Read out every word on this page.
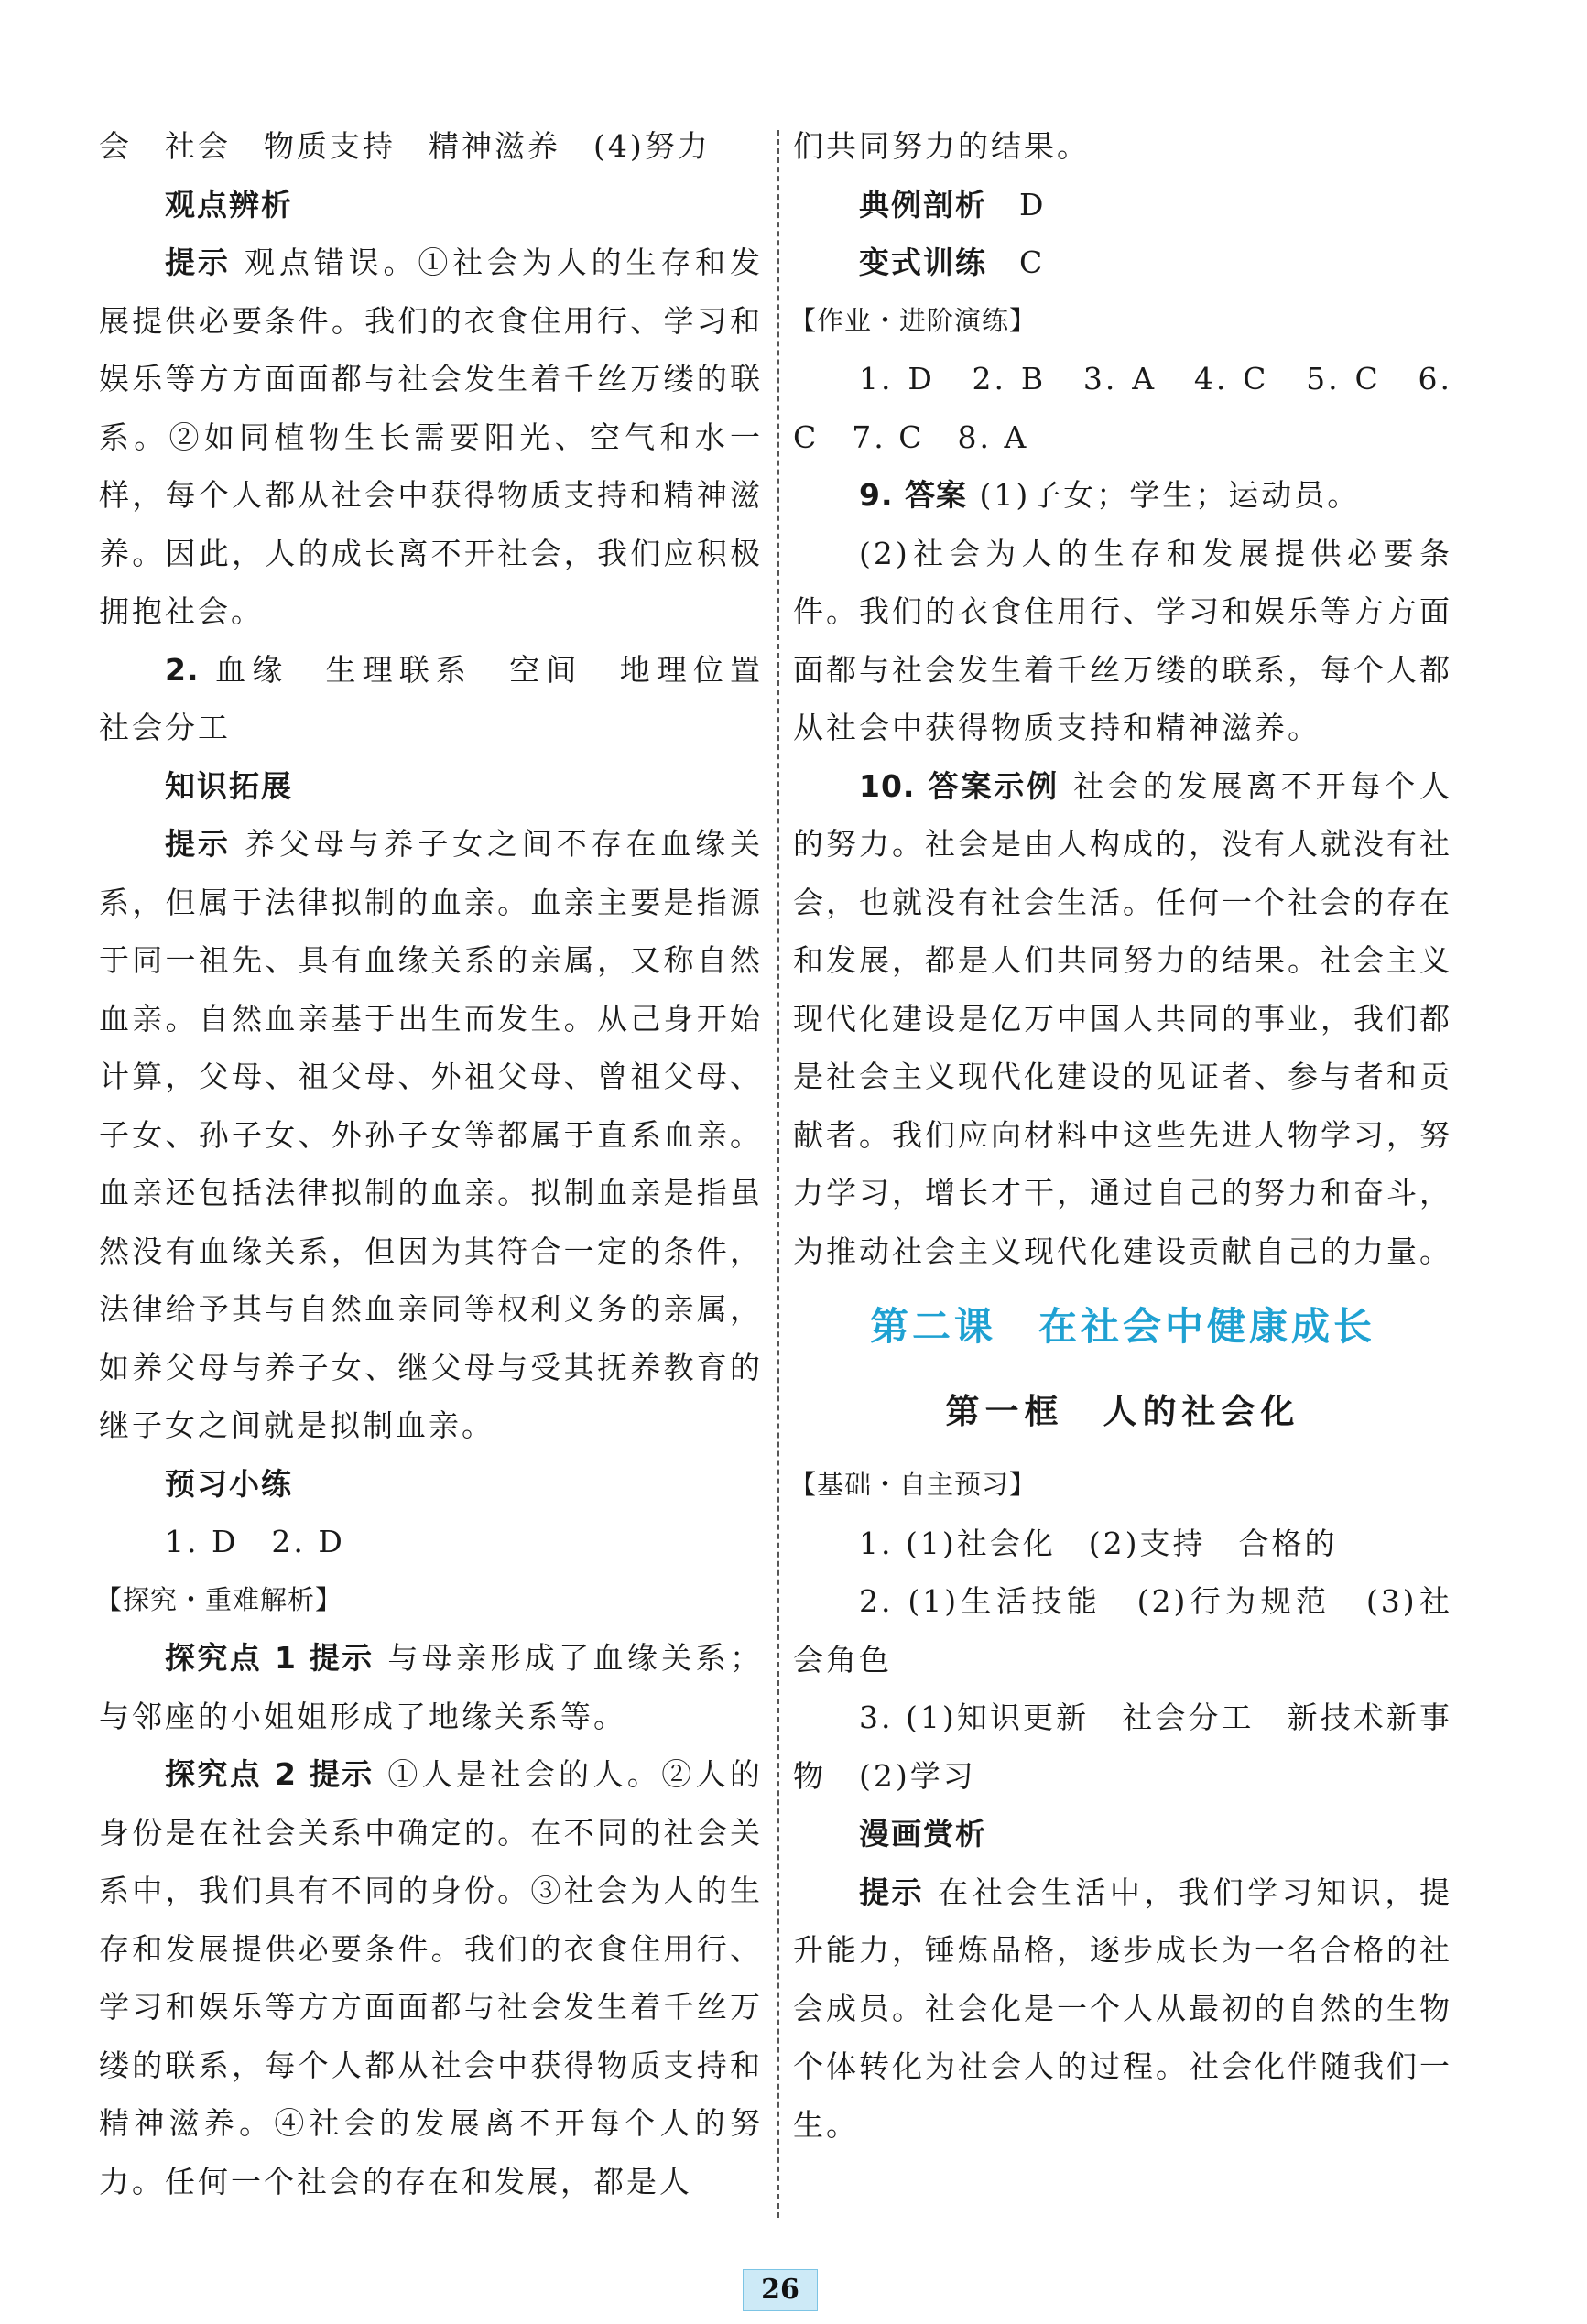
会　社会　物质支持　精神滋养　(4)努力

观点辨析

提示 观点错误。①社会为人的生存和发展提供必要条件。我们的衣食住用行、学习和娱乐等方方面面都与社会发生着千丝万缕的联系。②如同植物生长需要阳光、空气和水一样，每个人都从社会中获得物质支持和精神滋养。因此，人的成长离不开社会，我们应积极拥抱社会。

2. 血缘　生理联系　空间　地理位置　社会分工

知识拓展

提示 养父母与养子女之间不存在血缘关系，但属于法律拟制的血亲。血亲主要是指源于同一祖先、具有血缘关系的亲属，又称自然血亲。自然血亲基于出生而发生。从己身开始计算，父母、祖父母、外祖父母、曾祖父母、子女、孙子女、外孙子女等都属于直系血亲。血亲还包括法律拟制的血亲。拟制血亲是指虽然没有血缘关系，但因为其符合一定的条件，法律给予其与自然血亲同等权利义务的亲属，如养父母与养子女、继父母与受其抚养教育的继子女之间就是拟制血亲。

预习小练

1. D　2. D

【探究・重难解析】

探究点 1 提示 与母亲形成了血缘关系；与邻座的小姐姐形成了地缘关系等。

探究点 2 提示 ①人是社会的人。②人的身份是在社会关系中确定的。在不同的社会关系中，我们具有不同的身份。③社会为人的生存和发展提供必要条件。我们的衣食住用行、学习和娱乐等方方面面都与社会发生着千丝万缕的联系，每个人都从社会中获得物质支持和精神滋养。④社会的发展离不开每个人的努力。任何一个社会的存在和发展，都是人

们共同努力的结果。

典例剖析　D

变式训练　C

【作业・进阶演练】

1. D　2. B　3. A　4. C　5. C　6. C　7. C　8. A

9. 答案 (1)子女；学生；运动员。

(2)社会为人的生存和发展提供必要条件。我们的衣食住用行、学习和娱乐等方方面面都与社会发生着千丝万缕的联系，每个人都从社会中获得物质支持和精神滋养。

10. 答案示例 社会的发展离不开每个人的努力。社会是由人构成的，没有人就没有社会，也就没有社会生活。任何一个社会的存在和发展，都是人们共同努力的结果。社会主义现代化建设是亿万中国人共同的事业，我们都是社会主义现代化建设的见证者、参与者和贡献者。我们应向材料中这些先进人物学习，努力学习，增长才干，通过自己的努力和奋斗，为推动社会主义现代化建设贡献自己的力量。

第二课　在社会中健康成长

第一框　人的社会化

【基础・自主预习】

1. (1)社会化　(2)支持　合格的

2. (1)生活技能　(2)行为规范　(3)社会角色

3. (1)知识更新　社会分工　新技术新事物　(2)学习

漫画赏析

提示 在社会生活中，我们学习知识，提升能力，锤炼品格，逐步成长为一名合格的社会成员。社会化是一个人从最初的自然的生物个体转化为社会人的过程。社会化伴随我们一生。

26
